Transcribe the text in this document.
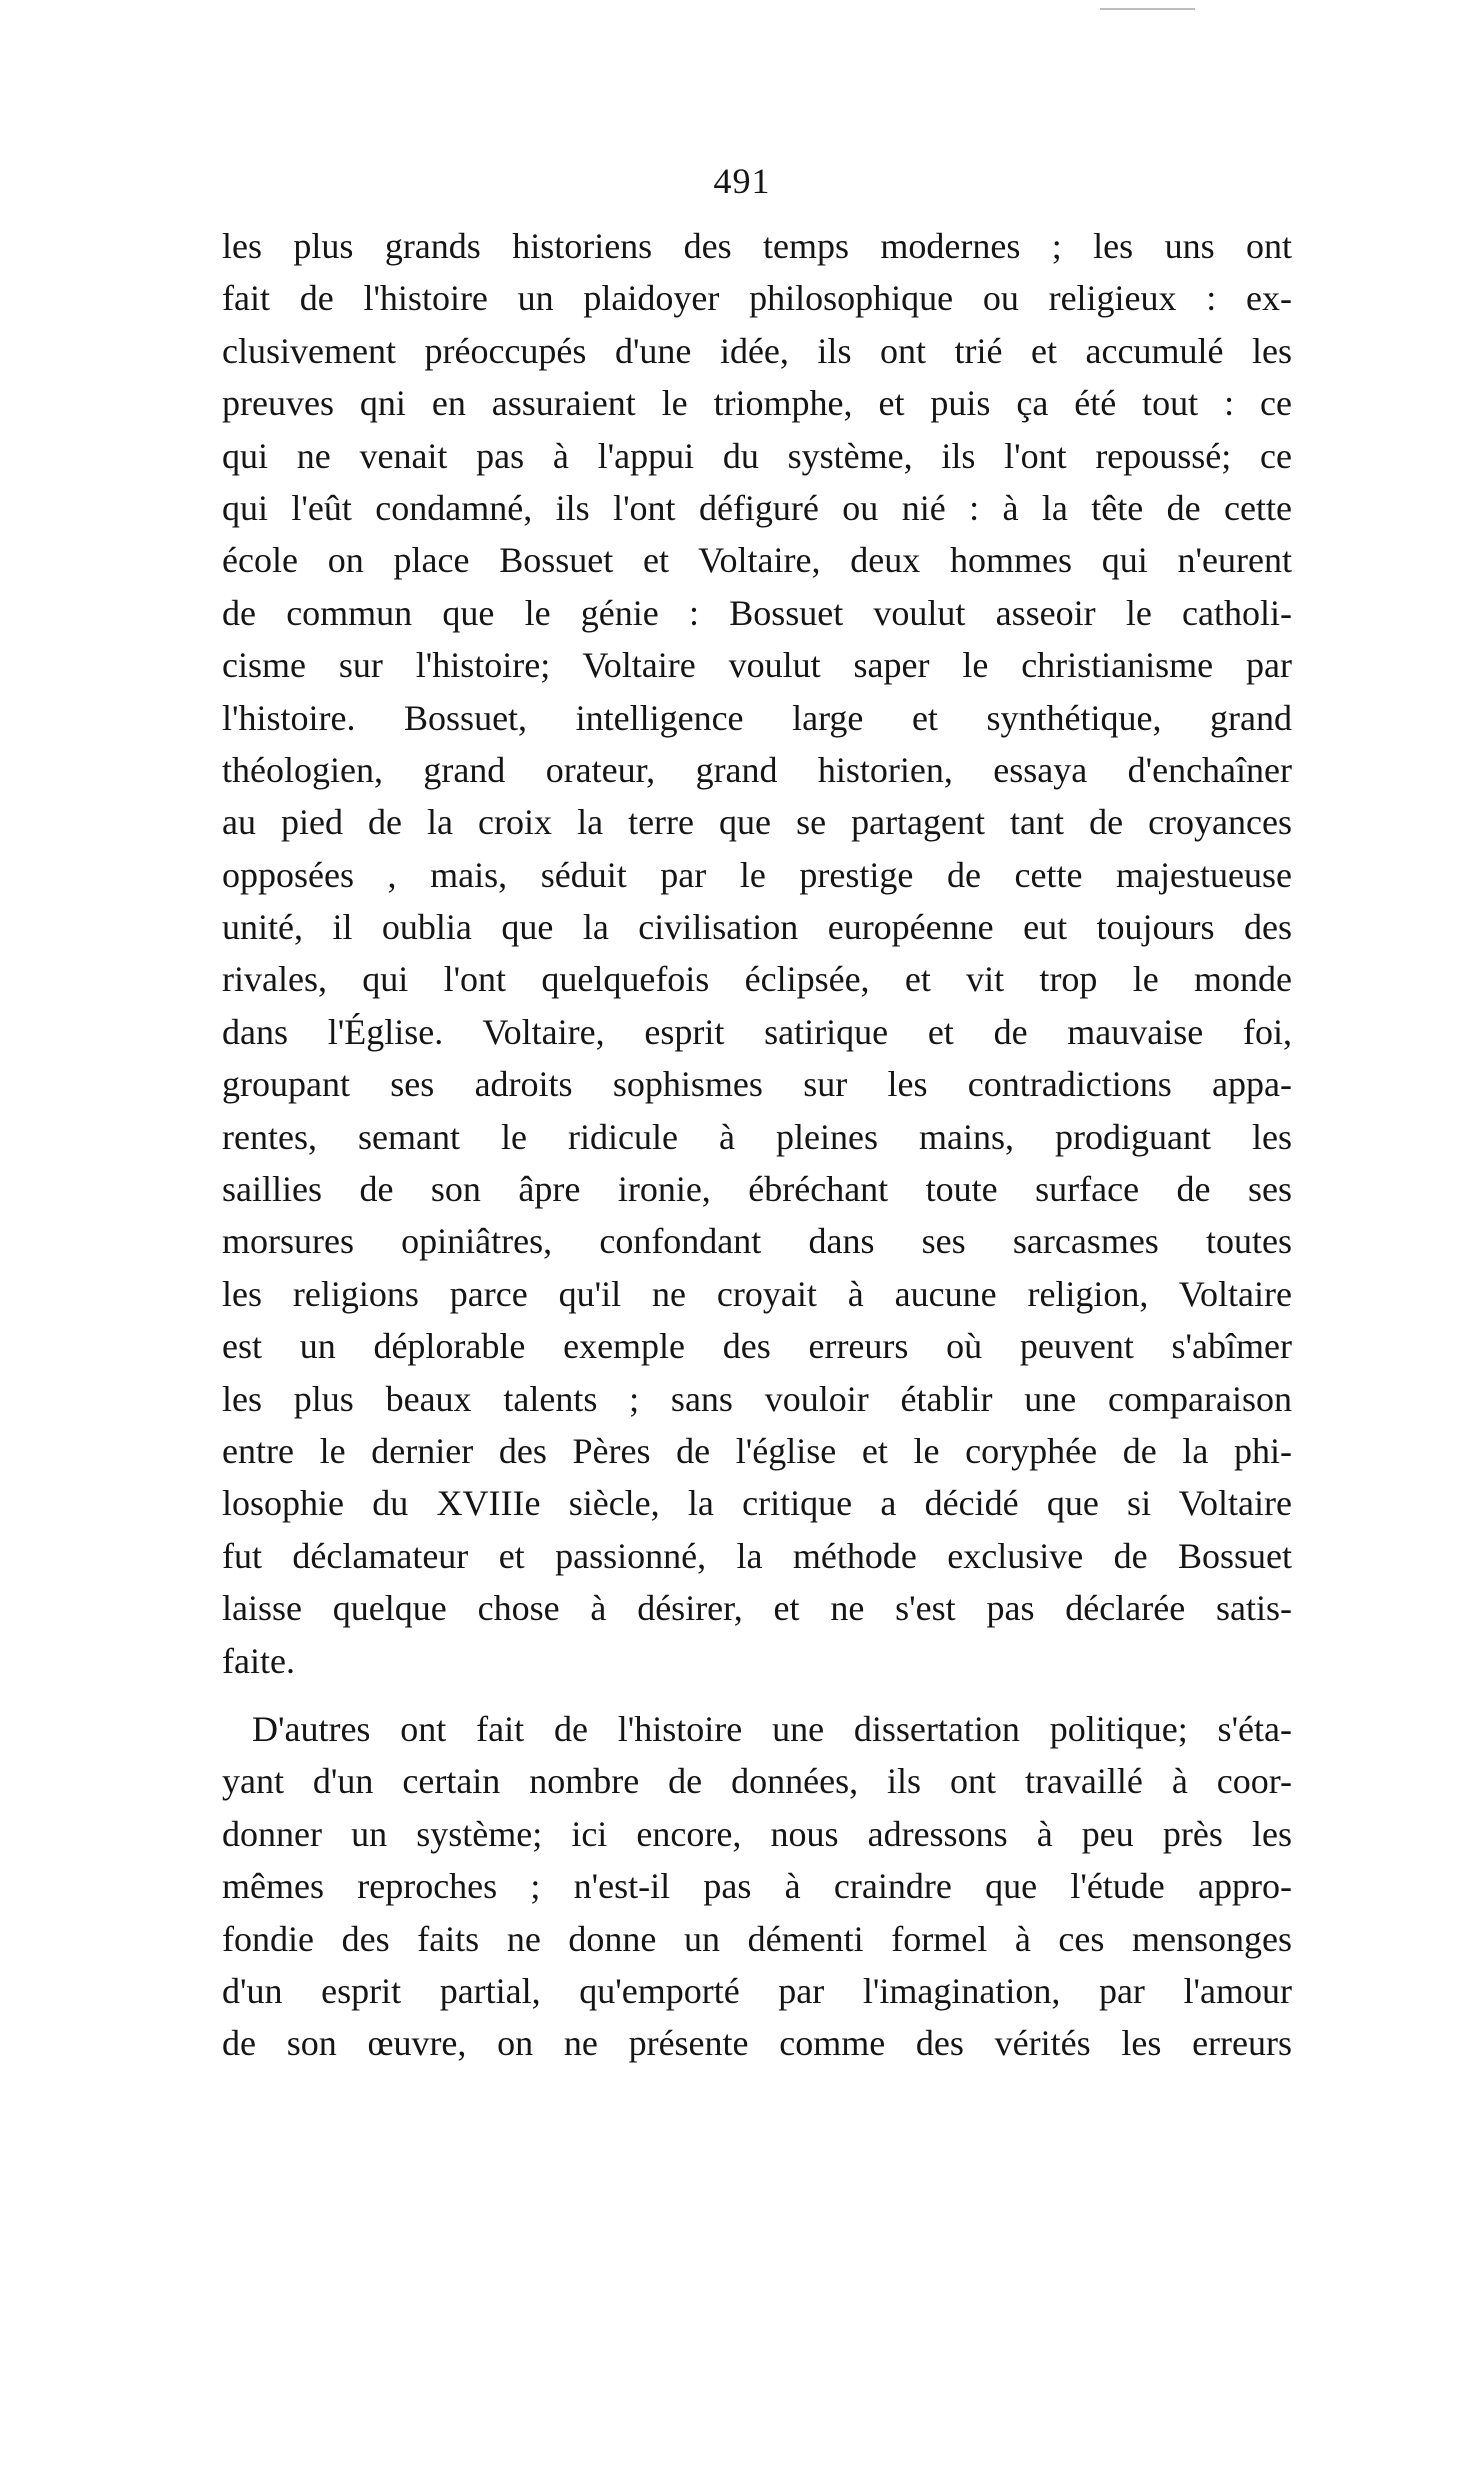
491
les plus grands historiens des temps modernes ; les uns ont
fait de l'histoire un plaidoyer philosophique ou religieux : ex-
clusivement préoccupés d'une idée, ils ont trié et accumulé les
preuves qni en assuraient le triomphe, et puis ça été tout : ce
qui ne venait pas à l'appui du système, ils l'ont repoussé; ce
qui l'eût condamné, ils l'ont défiguré ou nié : à la tête de cette
école on place Bossuet et Voltaire, deux hommes qui n'eurent
de commun que le génie : Bossuet voulut asseoir le catholi-
cisme sur l'histoire; Voltaire voulut saper le christianisme par
l'histoire. Bossuet, intelligence large et synthétique, grand
théologien, grand orateur, grand historien, essaya d'enchaîner
au pied de la croix la terre que se partagent tant de croyances
opposées , mais, séduit par le prestige de cette majestueuse
unité, il oublia que la civilisation européenne eut toujours des
rivales, qui l'ont quelquefois éclipsée, et vit trop le monde
dans l'Église. Voltaire, esprit satirique et de mauvaise foi,
groupant ses adroits sophismes sur les contradictions appa-
rentes, semant le ridicule à pleines mains, prodiguant les
saillies de son âpre ironie, ébréchant toute surface de ses
morsures opiniâtres, confondant dans ses sarcasmes toutes
les religions parce qu'il ne croyait à aucune religion, Voltaire
est un déplorable exemple des erreurs où peuvent s'abîmer
les plus beaux talents ; sans vouloir établir une comparaison
entre le dernier des Pères de l'église et le coryphée de la phi-
losophie du XVIIIe siècle, la critique a décidé que si Voltaire
fut déclamateur et passionné, la méthode exclusive de Bossuet
laisse quelque chose à désirer, et ne s'est pas déclarée satis-
faite.
D'autres ont fait de l'histoire une dissertation politique; s'éta-
yant d'un certain nombre de données, ils ont travaillé à coor-
donner un système; ici encore, nous adressons à peu près les
mêmes reproches ; n'est-il pas à craindre que l'étude appro-
fondie des faits ne donne un démenti formel à ces mensonges
d'un esprit partial, qu'emporté par l'imagination, par l'amour
de son œuvre, on ne présente comme des vérités les erreurs
